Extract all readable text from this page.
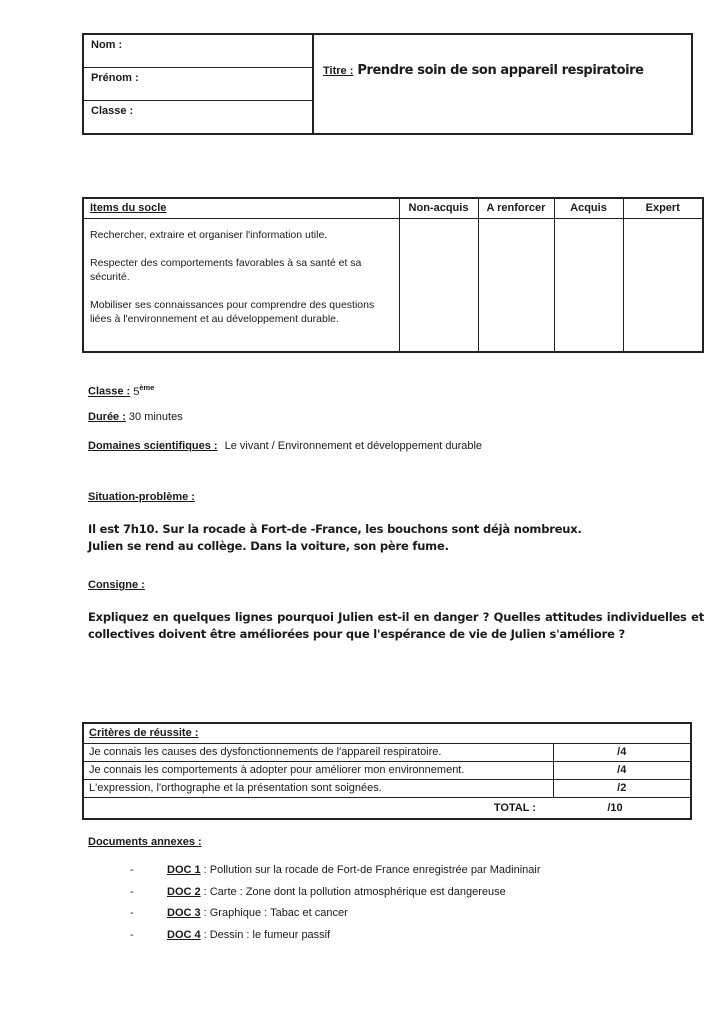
Nom :
Prénom :
Classe :
Titre : Prendre soin de son appareil respiratoire
Items du socle	Non-acquis	A renforcer	Acquis	Expert

Rechercher, extraire et organiser l'information utile.

Respecter des comportements favorables à sa santé et sa sécurité.

Mobiliser ses connaissances pour comprendre des questions liées à l'environnement et au développement durable.				

Classe : 5ème
Durée : 30 minutes
Domaines scientifiques : Le vivant / Environnement et développement durable
Situation-problème :
Il est 7h10. Sur la rocade à Fort-de -France, les bouchons sont déjà nombreux.
Julien se rend au collège. Dans la voiture, son père fume.
Consigne :
Expliquez en quelques lignes pourquoi Julien est-il en danger ? Quelles attitudes individuelles et collectives doivent être améliorées pour que l'espérance de vie de Julien s'améliore ?
Critères de réussite :	
Je connais les causes des dysfonctionnements de l'appareil respiratoire.	/4
Je connais les comportements à adopter pour améliorer mon environnement.	/4
L'expression, l'orthographe et la présentation sont soignées.	/2

TOTAL : /10	
Documents annexes :
-	DOC 1 : Pollution sur la rocade de Fort-de France enregistrée par Madininair
-	DOC 2 : Carte : Zone dont la pollution atmosphérique est dangereuse
-	DOC 3 : Graphique : Tabac et cancer
-	DOC 4 : Dessin : le fumeur passif
